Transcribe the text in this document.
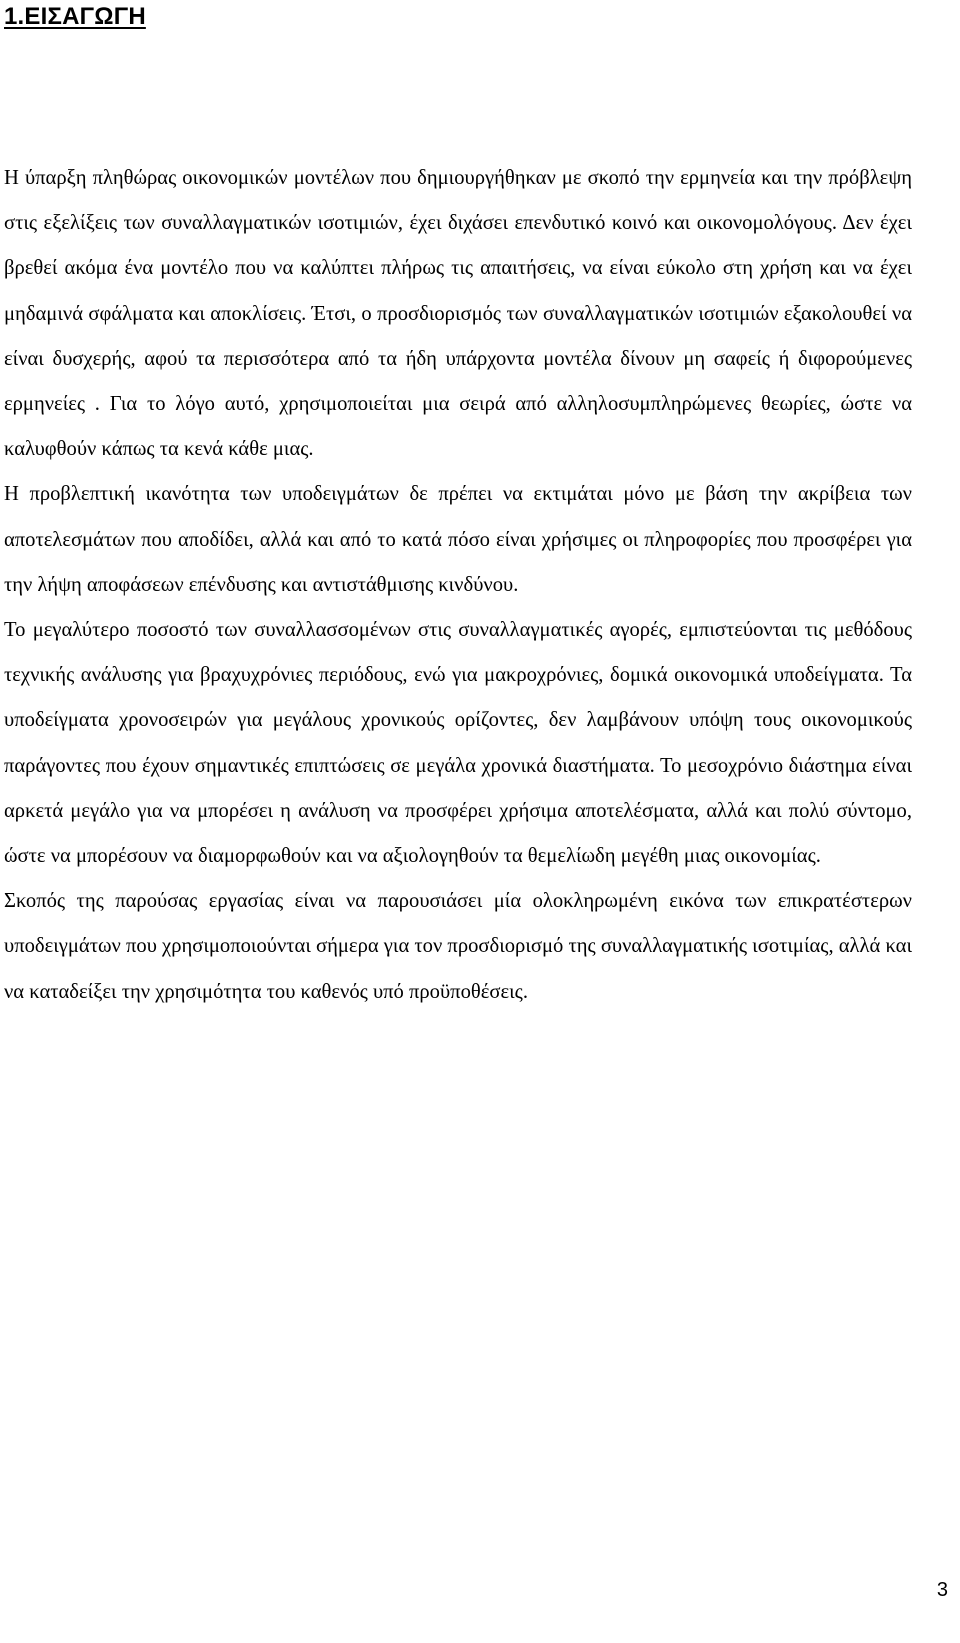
1.ΕΙΣΑΓΩΓΗ

Η ύπαρξη πληθώρας οικονομικών μοντέλων που δημιουργήθηκαν με σκοπό την ερμηνεία και την πρόβλεψη στις εξελίξεις των συναλλαγματικών ισοτιμιών, έχει διχάσει επενδυτικό κοινό και οικονομολόγους. Δεν έχει βρεθεί ακόμα ένα μοντέλο που να καλύπτει πλήρως τις απαιτήσεις, να είναι εύκολο στη χρήση και να έχει μηδαμινά σφάλματα και αποκλίσεις. Έτσι, ο προσδιορισμός των συναλλαγματικών ισοτιμιών εξακολουθεί να είναι δυσχερής, αφού τα περισσότερα από τα ήδη υπάρχοντα μοντέλα δίνουν μη σαφείς ή διφορούμενες ερμηνείες . Για το λόγο αυτό, χρησιμοποιείται μια σειρά από αλληλοσυμπληρώμενες θεωρίες, ώστε να καλυφθούν κάπως τα κενά κάθε μιας.

Η προβλεπτική ικανότητα των υποδειγμάτων δε πρέπει να εκτιμάται μόνο με βάση την ακρίβεια των αποτελεσμάτων που αποδίδει, αλλά και από το κατά πόσο είναι χρήσιμες οι πληροφορίες που προσφέρει για την λήψη αποφάσεων επένδυσης και αντιστάθμισης κινδύνου.

Το μεγαλύτερο ποσοστό των συναλλασσομένων στις συναλλαγματικές αγορές, εμπιστεύονται τις μεθόδους τεχνικής ανάλυσης για βραχυχρόνιες περιόδους, ενώ για μακροχρόνιες, δομικά οικονομικά υποδείγματα. Τα υποδείγματα χρονοσειρών για μεγάλους χρονικούς ορίζοντες, δεν λαμβάνουν υπόψη τους οικονομικούς παράγοντες που έχουν σημαντικές επιπτώσεις σε μεγάλα χρονικά διαστήματα. Το μεσοχρόνιο διάστημα είναι αρκετά μεγάλο για να μπορέσει η ανάλυση να προσφέρει χρήσιμα αποτελέσματα, αλλά και πολύ σύντομο, ώστε να μπορέσουν να διαμορφωθούν και να αξιολογηθούν τα θεμελίωδη μεγέθη μιας οικονομίας.

Σκοπός της παρούσας εργασίας είναι να παρουσιάσει μία ολοκληρωμένη εικόνα των επικρατέστερων υποδειγμάτων που χρησιμοποιούνται σήμερα για τον προσδιορισμό της συναλλαγματικής ισοτιμίας, αλλά και να καταδείξει την χρησιμότητα του καθενός υπό προϋποθέσεις.

3
